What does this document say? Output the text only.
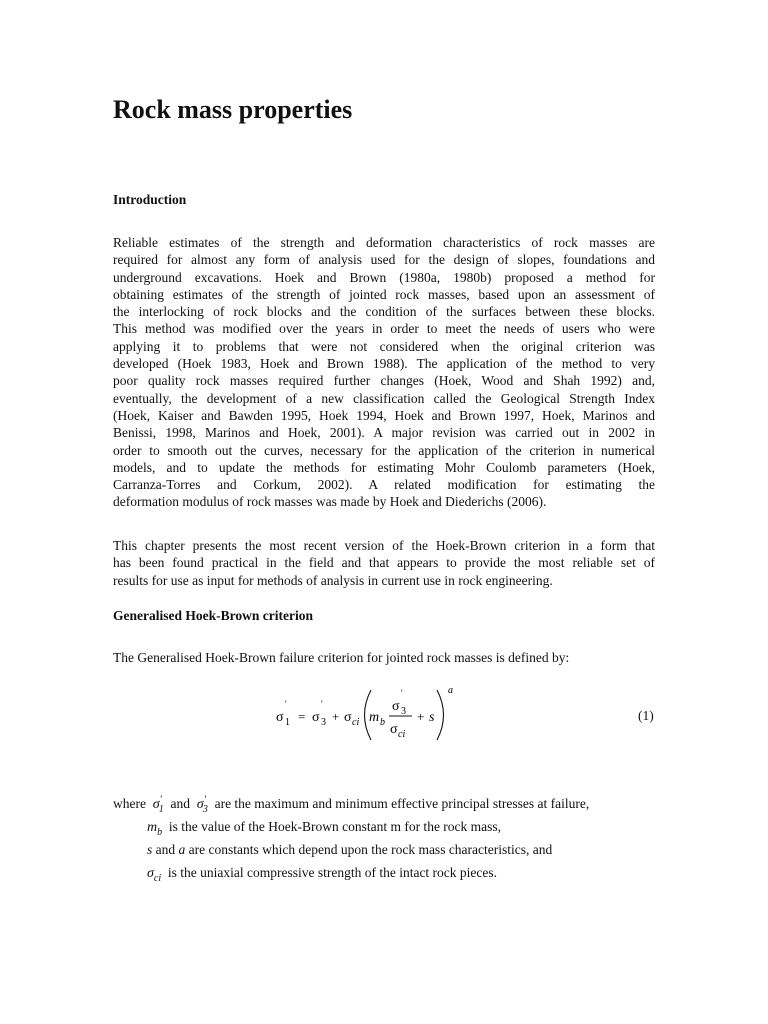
Rock mass properties
Introduction

Reliable estimates of the strength and deformation characteristics of rock masses are
required for almost any form of analysis used for the design of slopes, foundations and
underground excavations. Hoek and Brown (1980a, 1980b) proposed a method for
obtaining estimates of the strength of jointed rock masses, based upon an assessment of
the interlocking of rock blocks and the condition of the surfaces between these blocks.
This method was modified over the years in order to meet the needs of users who were
applying it to problems that were not considered when the original criterion was
developed (Hoek 1983, Hoek and Brown 1988). The application of the method to very
poor quality rock masses required further changes (Hoek, Wood and Shah 1992) and,
eventually, the development of a new classification called the Geological Strength Index
(Hoek, Kaiser and Bawden 1995, Hoek 1994, Hoek and Brown 1997, Hoek, Marinos and
Benissi, 1998, Marinos and Hoek, 2001). A major revision was carried out in 2002 in
order to smooth out the curves, necessary for the application of the criterion in numerical
models, and to update the methods for estimating Mohr Coulomb parameters (Hoek,
Carranza-Torres and Corkum, 2002). A related modification for estimating the
deformation modulus of rock masses was made by Hoek and Diederichs (2006).

This chapter presents the most recent version of the Hoek-Brown criterion in a form that
has been found practical in the field and that appears to provide the most reliable set of
results for use as input for methods of analysis in current use in rock engineering.

Generalised Hoek-Brown criterion

The Generalised Hoek-Brown failure criterion for jointed rock masses is defined by:

σ
'
1 = σ
'
3 + σ ci m b
σ
'
3
σ ci
+ s
a
(1)
where $\sigma'_1$ and $\sigma'_3$ are the maximum and minimum effective principal stresses at failure,
$m_b$ is the value of the Hoek-Brown constant m for the rock mass,
s and a are constants which depend upon the rock mass characteristics, and
$\sigma_{ci}$ is the uniaxial compressive strength of the intact rock pieces.
